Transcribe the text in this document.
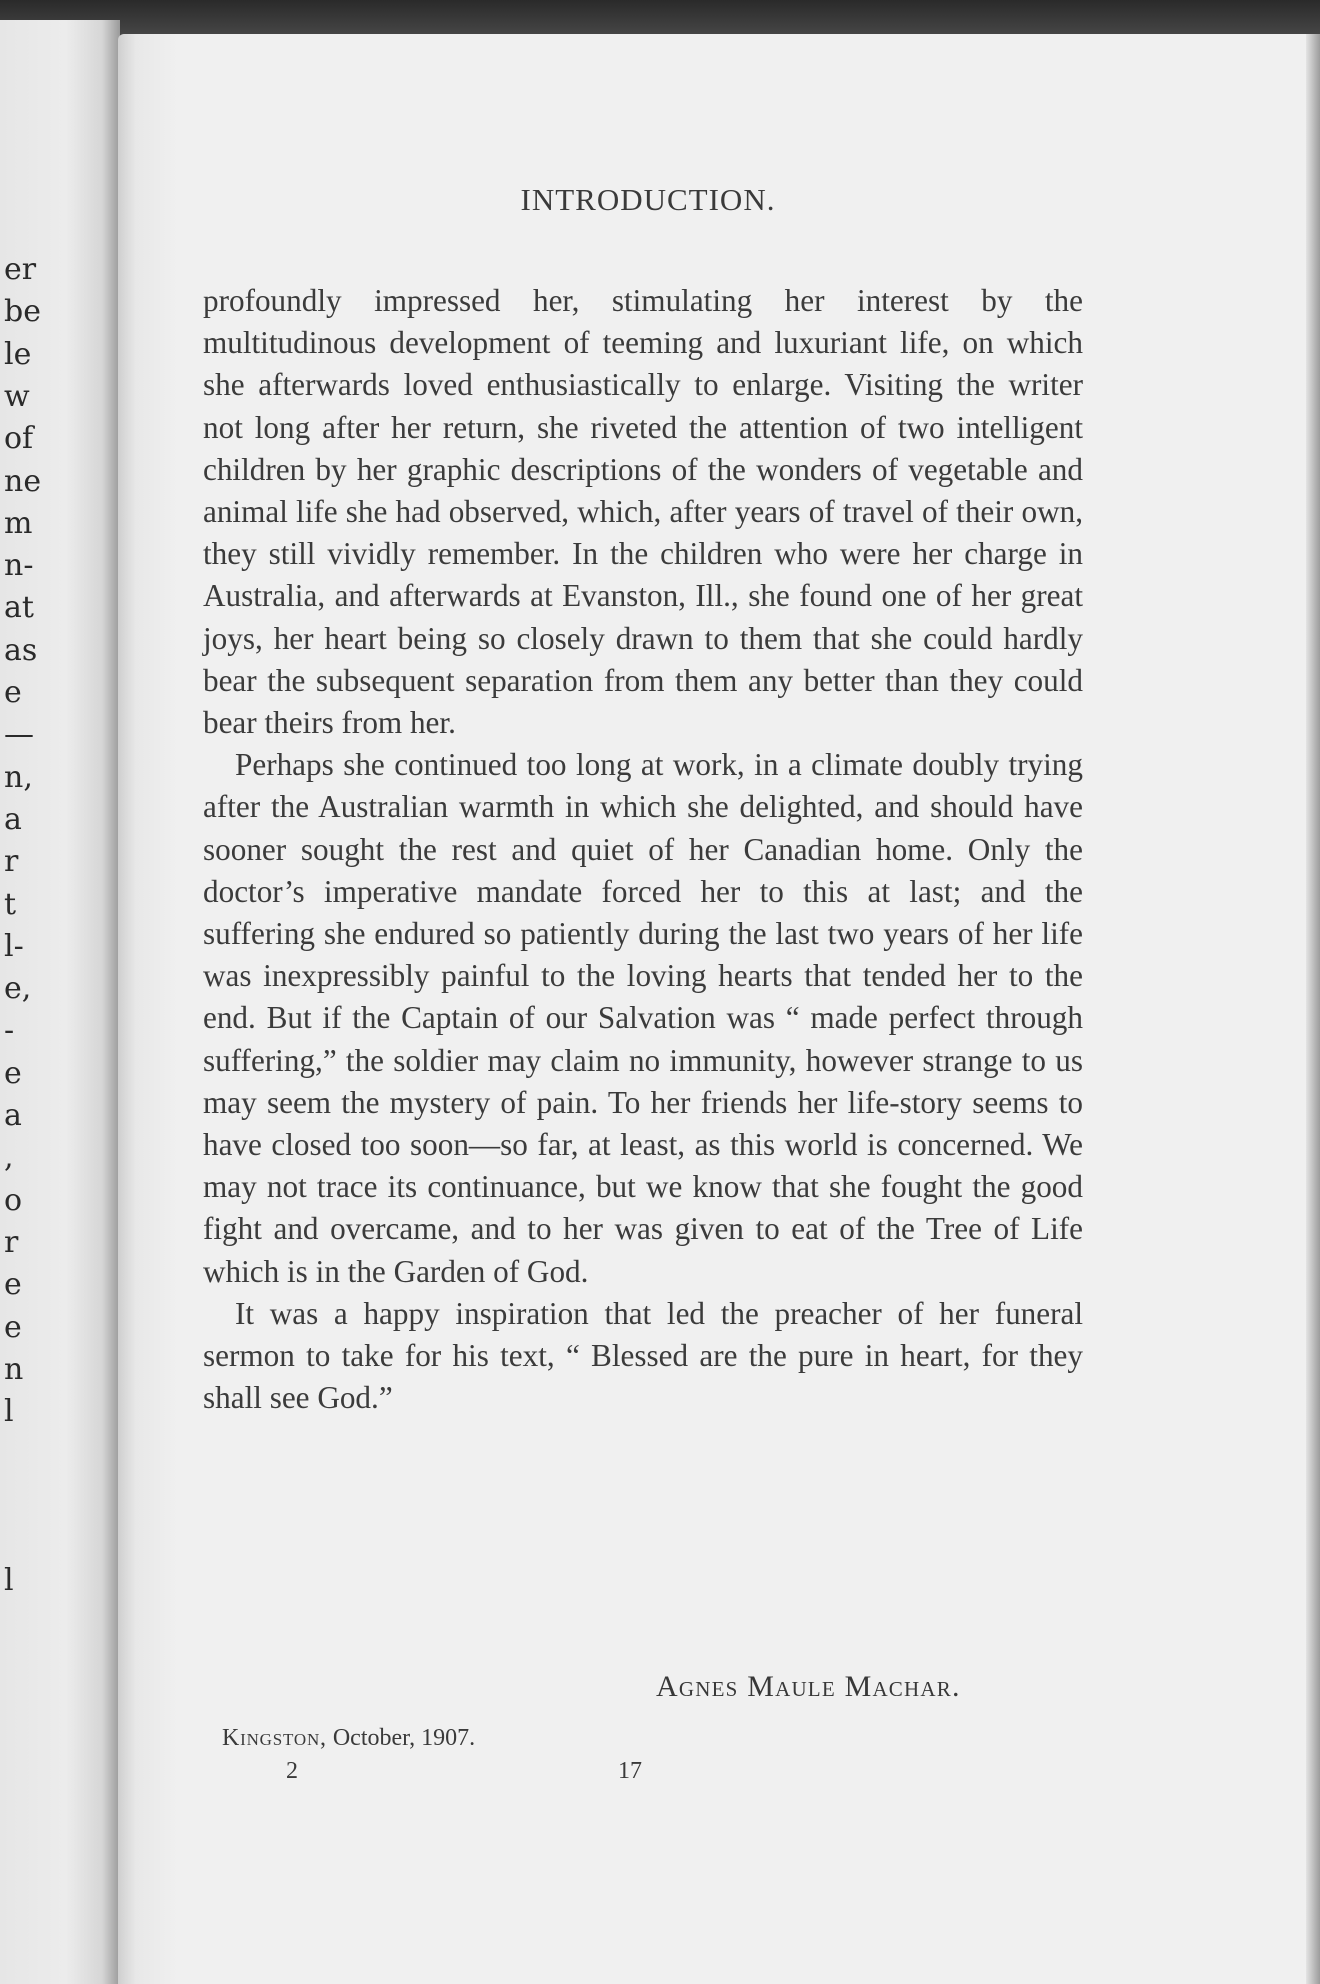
er
be
le
w
of
ne
m
n-
at
as
e
—
n,
a
r
t
l-
e,
-
e
a
,
o
r
e
e
n
l
l
INTRODUCTION.

profoundly impressed her, stimulating her interest by the multitudinous development of teeming and luxuriant life, on which she afterwards loved enthusiastically to enlarge. Visiting the writer not long after her return, she riveted the attention of two intelligent children by her graphic descriptions of the wonders of vegetable and animal life she had observed, which, after years of travel of their own, they still vividly remember. In the children who were her charge in Australia, and afterwards at Evanston, Ill., she found one of her great joys, her heart being so closely drawn to them that she could hardly bear the subsequent separation from them any better than they could bear theirs from her.

Perhaps she continued too long at work, in a climate doubly trying after the Australian warmth in which she delighted, and should have sooner sought the rest and quiet of her Canadian home. Only the doctor’s imperative mandate forced her to this at last; and the suffering she endured so patiently during the last two years of her life was inexpressibly painful to the loving hearts that tended her to the end. But if the Captain of our Salvation was “ made perfect through suffering,” the soldier may claim no immunity, however strange to us may seem the mystery of pain. To her friends her life-story seems to have closed too soon—so far, at least, as this world is concerned. We may not trace its continuance, but we know that she fought the good fight and overcame, and to her was given to eat of the Tree of Life which is in the Garden of God.

It was a happy inspiration that led the preacher of her funeral sermon to take for his text, “ Blessed are the pure in heart, for they shall see God.”

Agnes Maule Machar.
Kingston, October, 1907.
2	17
